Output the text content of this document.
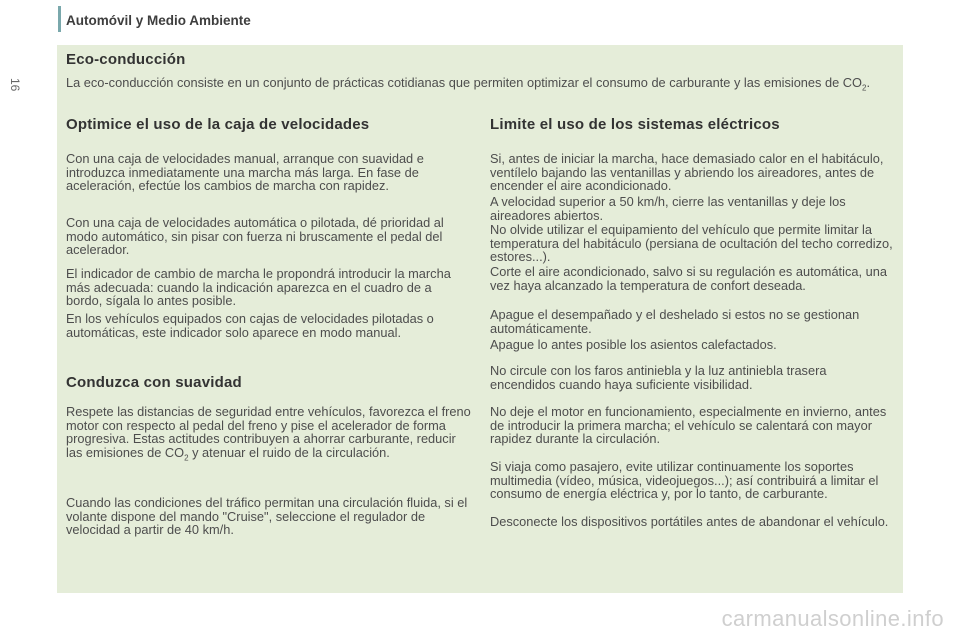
Automóvil y Medio Ambiente
16
Eco-conducción

La eco-conducción consiste en un conjunto de prácticas cotidianas que permiten optimizar el consumo de carburante y las emisiones de $CO_2$.

Optimice el uso de la caja de velocidades

Con una caja de velocidades manual, arranque con suavidad e introduzca inmediatamente una marcha más larga. En fase de aceleración, efectúe los cambios de marcha con rapidez.

Con una caja de velocidades automática o pilotada, dé prioridad al modo automático, sin pisar con fuerza ni bruscamente el pedal del acelerador.

El indicador de cambio de marcha le propondrá introducir la marcha más adecuada: cuando la indicación aparezca en el cuadro de a bordo, sígala lo antes posible.

En los vehículos equipados con cajas de velocidades pilotadas o automáticas, este indicador solo aparece en modo manual.

Conduzca con suavidad

Respete las distancias de seguridad entre vehículos, favorezca el freno motor con respecto al pedal del freno y pise el acelerador de forma progresiva. Estas actitudes contribuyen a ahorrar carburante, reducir las emisiones de $CO_2$ y atenuar el ruido de la circulación.

Cuando las condiciones del tráfico permitan una circulación fluida, si el volante dispone del mando "Cruise", seleccione el regulador de velocidad a partir de 40 km/h.

Limite el uso de los sistemas eléctricos

Si, antes de iniciar la marcha, hace demasiado calor en el habitáculo, ventílelo bajando las ventanillas y abriendo los aireadores, antes de encender el aire acondicionado.

A velocidad superior a 50 km/h, cierre las ventanillas y deje los aireadores abiertos.

No olvide utilizar el equipamiento del vehículo que permite limitar la temperatura del habitáculo (persiana de ocultación del techo corredizo, estores...).

Corte el aire acondicionado, salvo si su regulación es automática, una vez haya alcanzado la temperatura de confort deseada.

Apague el desempañado y el deshelado si estos no se gestionan automáticamente.

Apague lo antes posible los asientos calefactados.

No circule con los faros antiniebla y la luz antiniebla trasera encendidos cuando haya suficiente visibilidad.

No deje el motor en funcionamiento, especialmente en invierno, antes de introducir la primera marcha; el vehículo se calentará con mayor rapidez durante la circulación.

Si viaja como pasajero, evite utilizar continuamente los soportes multimedia (vídeo, música, videojuegos...); así contribuirá a limitar el consumo de energía eléctrica y, por lo tanto, de carburante.

Desconecte los dispositivos portátiles antes de abandonar el vehículo.

carmanualsonline.info
